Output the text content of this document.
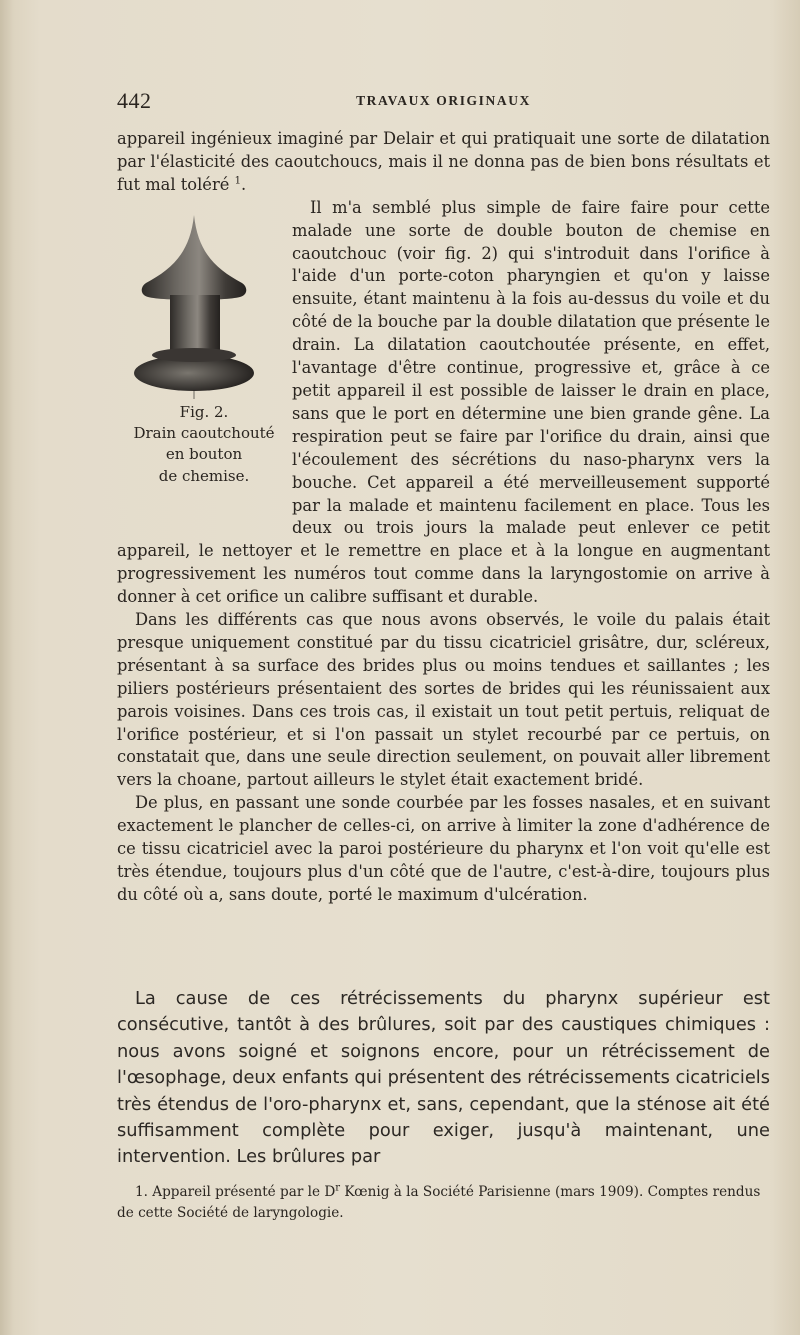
442	TRAVAUX ORIGINAUX

appareil ingénieux imaginé par Delair et qui pratiquait une sorte de dilatation par l'élasticité des caoutchoucs, mais il ne donna pas de bien bons résultats et fut mal toléré $^1$.

Fig. 2.
Drain caoutchouté
en bouton
de chemise.
Il m'a semblé plus simple de faire faire pour cette malade une sorte de double bouton de chemise en caoutchouc (voir fig. 2) qui s'introduit dans l'orifice à l'aide d'un porte-coton pharyngien et qu'on y laisse ensuite, étant maintenu à la fois au-dessus du voile et du côté de la bouche par la double dilatation que présente le drain. La dilatation caoutchoutée présente, en effet, l'avantage d'être continue, progressive et, grâce à ce petit appareil il est possible de laisser le drain en place, sans que le port en détermine une bien grande gêne. La respiration peut se faire par l'orifice du drain, ainsi que l'écoulement des sécrétions du naso-pharynx vers la bouche. Cet appareil a été merveilleusement supporté par la malade et maintenu facilement en place. Tous les deux ou trois jours la malade peut enlever ce petit appareil, le nettoyer et le remettre en place et à la longue en augmentant progressivement les numéros tout comme dans la laryngostomie on arrive à donner à cet orifice un calibre suffisant et durable.

Dans les différents cas que nous avons observés, le voile du palais était presque uniquement constitué par du tissu cicatriciel grisâtre, dur, scléreux, présentant à sa surface des brides plus ou moins tendues et saillantes ; les piliers postérieurs présentaient des sortes de brides qui les réunissaient aux parois voisines. Dans ces trois cas, il existait un tout petit pertuis, reliquat de l'orifice postérieur, et si l'on passait un stylet recourbé par ce pertuis, on constatait que, dans une seule direction seulement, on pouvait aller librement vers la choane, partout ailleurs le stylet était exactement bridé.

De plus, en passant une sonde courbée par les fosses nasales, et en suivant exactement le plancher de celles-ci, on arrive à limiter la zone d'adhérence de ce tissu cicatriciel avec la paroi postérieure du pharynx et l'on voit qu'elle est très étendue, toujours plus d'un côté que de l'autre, c'est-à-dire, toujours plus du côté où a, sans doute, porté le maximum d'ulcération.

La cause de ces rétrécissements du pharynx supérieur est consécutive, tantôt à des brûlures, soit par des caustiques chimiques : nous avons soigné et soignons encore, pour un rétrécissement de l'œsophage, deux enfants qui présentent des rétrécissements cicatriciels très étendus de l'oro-pharynx et, sans, cependant, que la sténose ait été suffisamment complète pour exiger, jusqu'à maintenant, une intervention. Les brûlures par

1. Appareil présenté par le $D^r$ Kœnig à la Société Parisienne (mars 1909). Comptes rendus de cette Société de laryngologie.
